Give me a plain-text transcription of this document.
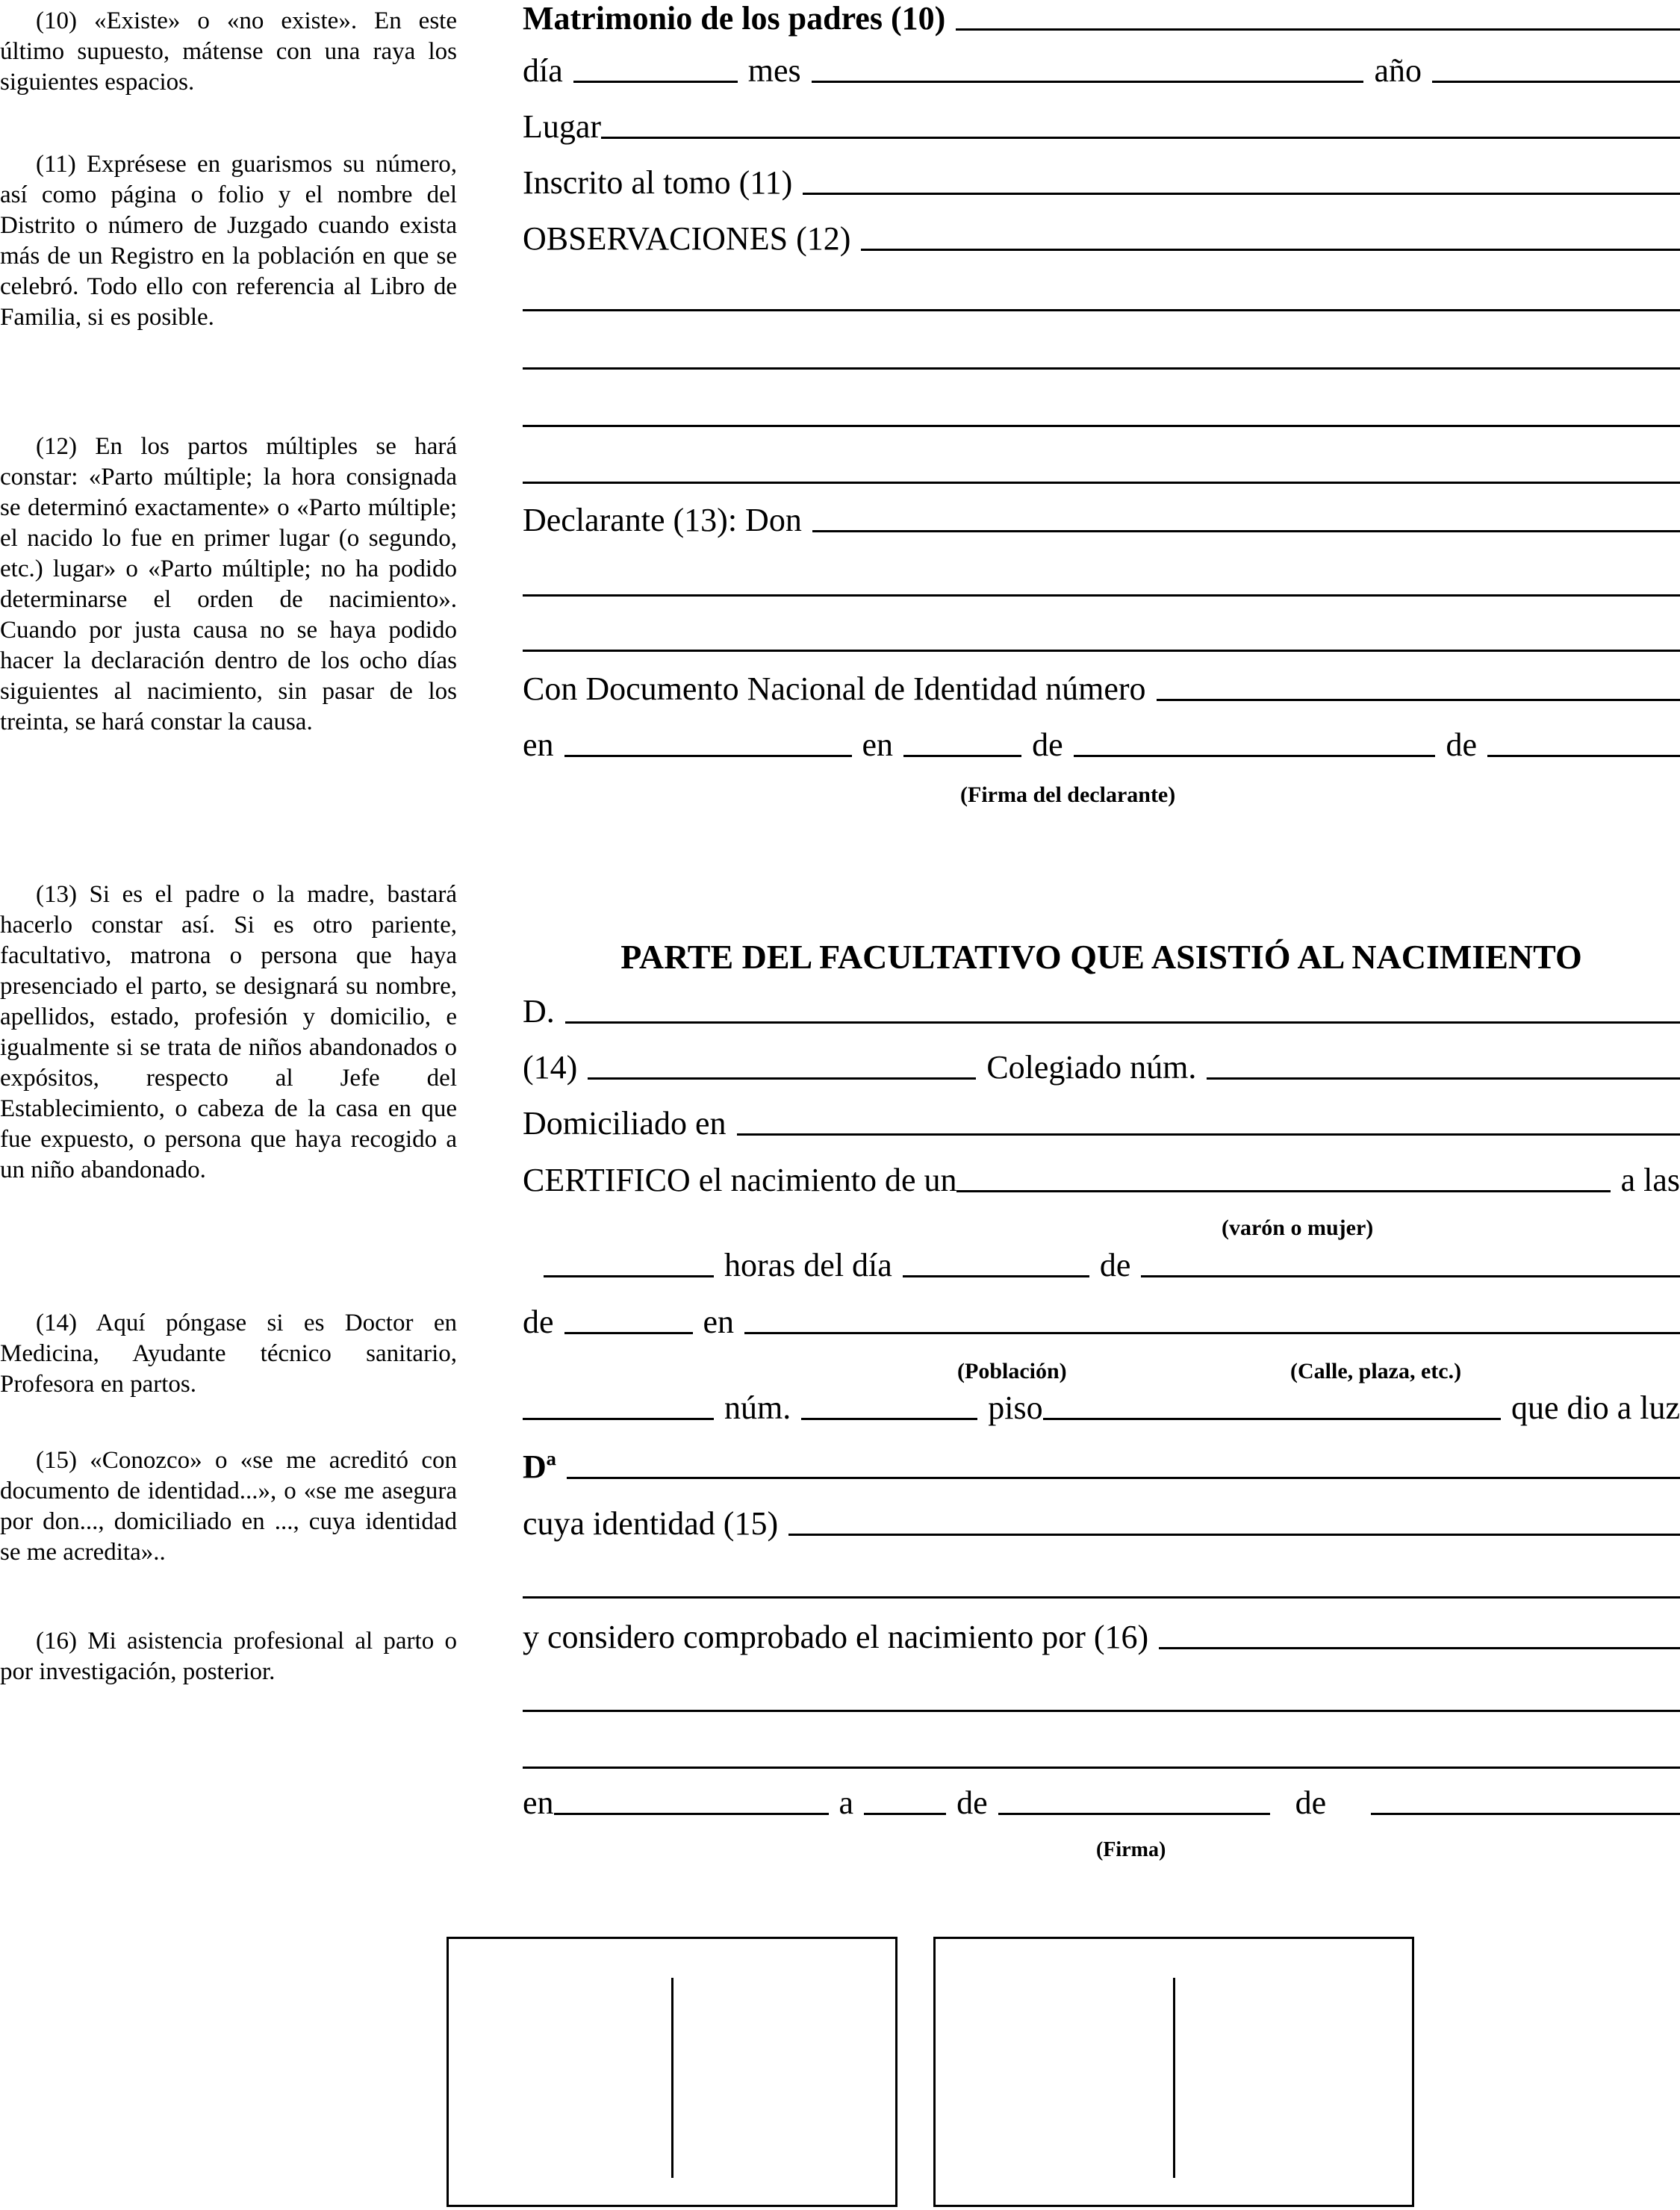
(10) «Existe» o «no existe». En este último supuesto, mátense con una raya los siguientes espacios.

(11) Exprésese en guarismos su número, así como página o folio y el nombre del Distrito o número de Juzgado cuando exista más de un Registro en la población en que se celebró. Todo ello con referencia al Libro de Familia, si es posible.

(12) En los partos múltiples se hará constar: «Parto múltiple; la hora consignada se determinó exactamente» o «Parto múltiple; el nacido lo fue en primer lugar (o segundo, etc.) lugar» o «Parto múltiple; no ha podido determinarse el orden de nacimiento». Cuando por justa causa no se haya podido hacer la declaración dentro de los ocho días siguientes al nacimiento, sin pasar de los treinta, se hará constar la causa.

(13) Si es el padre o la madre, bastará hacerlo constar así. Si es otro pariente, facultativo, matrona o persona que haya presenciado el parto, se designará su nombre, apellidos, estado, profesión y domicilio, e igualmente si se trata de niños abandonados o expósitos, respecto al Jefe del Establecimiento, o cabeza de la casa en que fue expuesto, o persona que haya recogido a un niño abandonado.

(14) Aquí póngase si es Doctor en Medicina, Ayudante técnico sanitario, Profesora en partos.

(15) «Conozco» o «se me acreditó con documento de identidad...», o «se me asegura por don..., domiciliado en ..., cuya identidad se me acredita»..

(16) Mi asistencia profesional al parto o por investigación, posterior.

Matrimonio de los padres (10)
día	mes	año
Lugar
Inscrito al tomo (11)
OBSERVACIONES (12)
Declarante (13): Don
Con Documento Nacional de Identidad número
en	en	de	de
(Firma del declarante)
PARTE DEL FACULTATIVO QUE ASISTIÓ AL NACIMIENTO
D.
(14)	Colegiado núm.
Domiciliado en
CERTIFICO el nacimiento de un	a las
(varón o mujer)
horas del día	de
de	en
(Población)	(Calle, plaza, etc.)
núm.	piso	que dio a luz
Dª
cuya identidad (15)
y considero comprobado el nacimiento por (16)
en	a	de	de
(Firma)
